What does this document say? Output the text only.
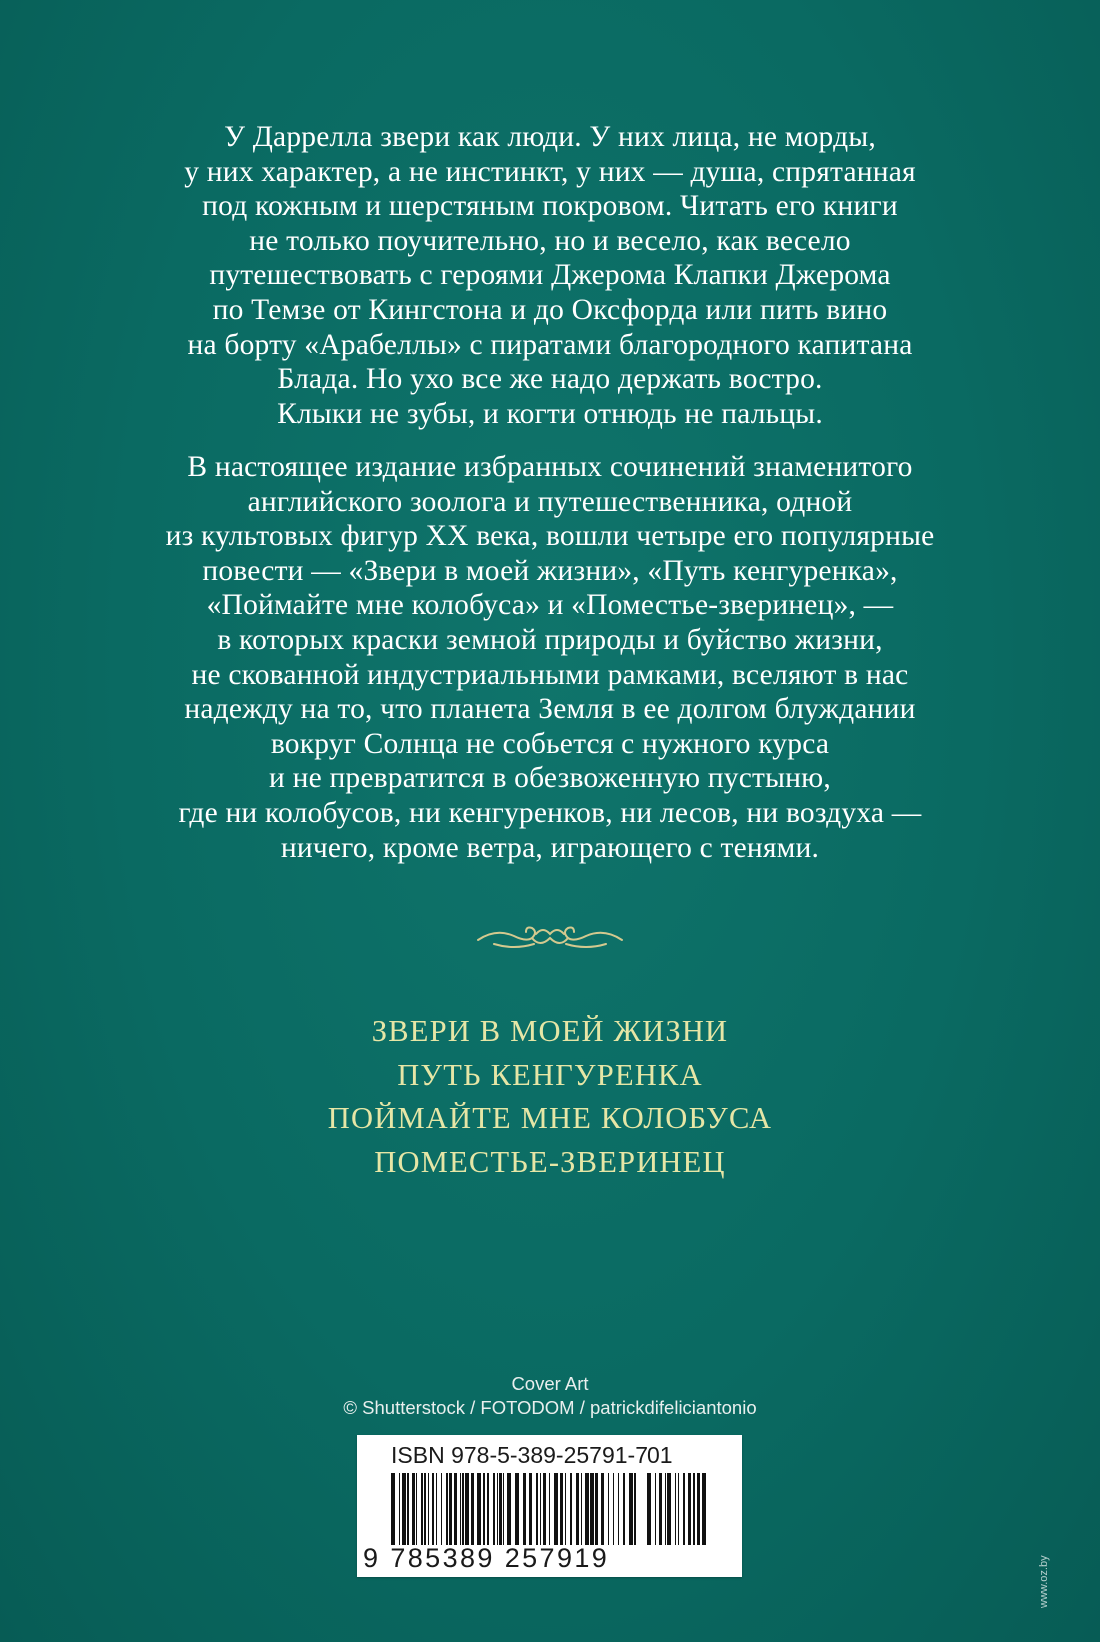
У Даррелла звери как люди. У них лица, не морды,
у них характер, а не инстинкт, у них — душа, спрятанная
под кожным и шерстяным покровом. Читать его книги
не только поучительно, но и весело, как весело
путешествовать с героями Джерома Клапки Джерома
по Темзе от Кингстона и до Оксфорда или пить вино
на борту «Арабеллы» с пиратами благородного капитана
Блада. Но ухо все же надо держать востро.
Клыки не зубы, и когти отнюдь не пальцы.

В настоящее издание избранных сочинений знаменитого
английского зоолога и путешественника, одной
из культовых фигур XX века, вошли четыре его популярные
повести — «Звери в моей жизни», «Путь кенгуренка»,
«Поймайте мне колобуса» и «Поместье-зверинец», —
в которых краски земной природы и буйство жизни,
не скованной индустриальными рамками, вселяют в нас
надежду на то, что планета Земля в ее долгом блуждании
вокруг Солнца не собьется с нужного курса
и не превратится в обезвоженную пустыню,
где ни колобусов, ни кенгуренков, ни лесов, ни воздуха —
ничего, кроме ветра, играющего с тенями.

ЗВЕРИ В МОЕЙ ЖИЗНИ
ПУТЬ КЕНГУРЕНКА
ПОЙМАЙТЕ МНЕ КОЛОБУСА
ПОМЕСТЬЕ-ЗВЕРИНЕЦ
Cover Art
© Shutterstock / FOTODOM / patrickdifeliciantonio
ISBN 978-5-389-25791-7 01
9 785389 257919	www.oz.by
